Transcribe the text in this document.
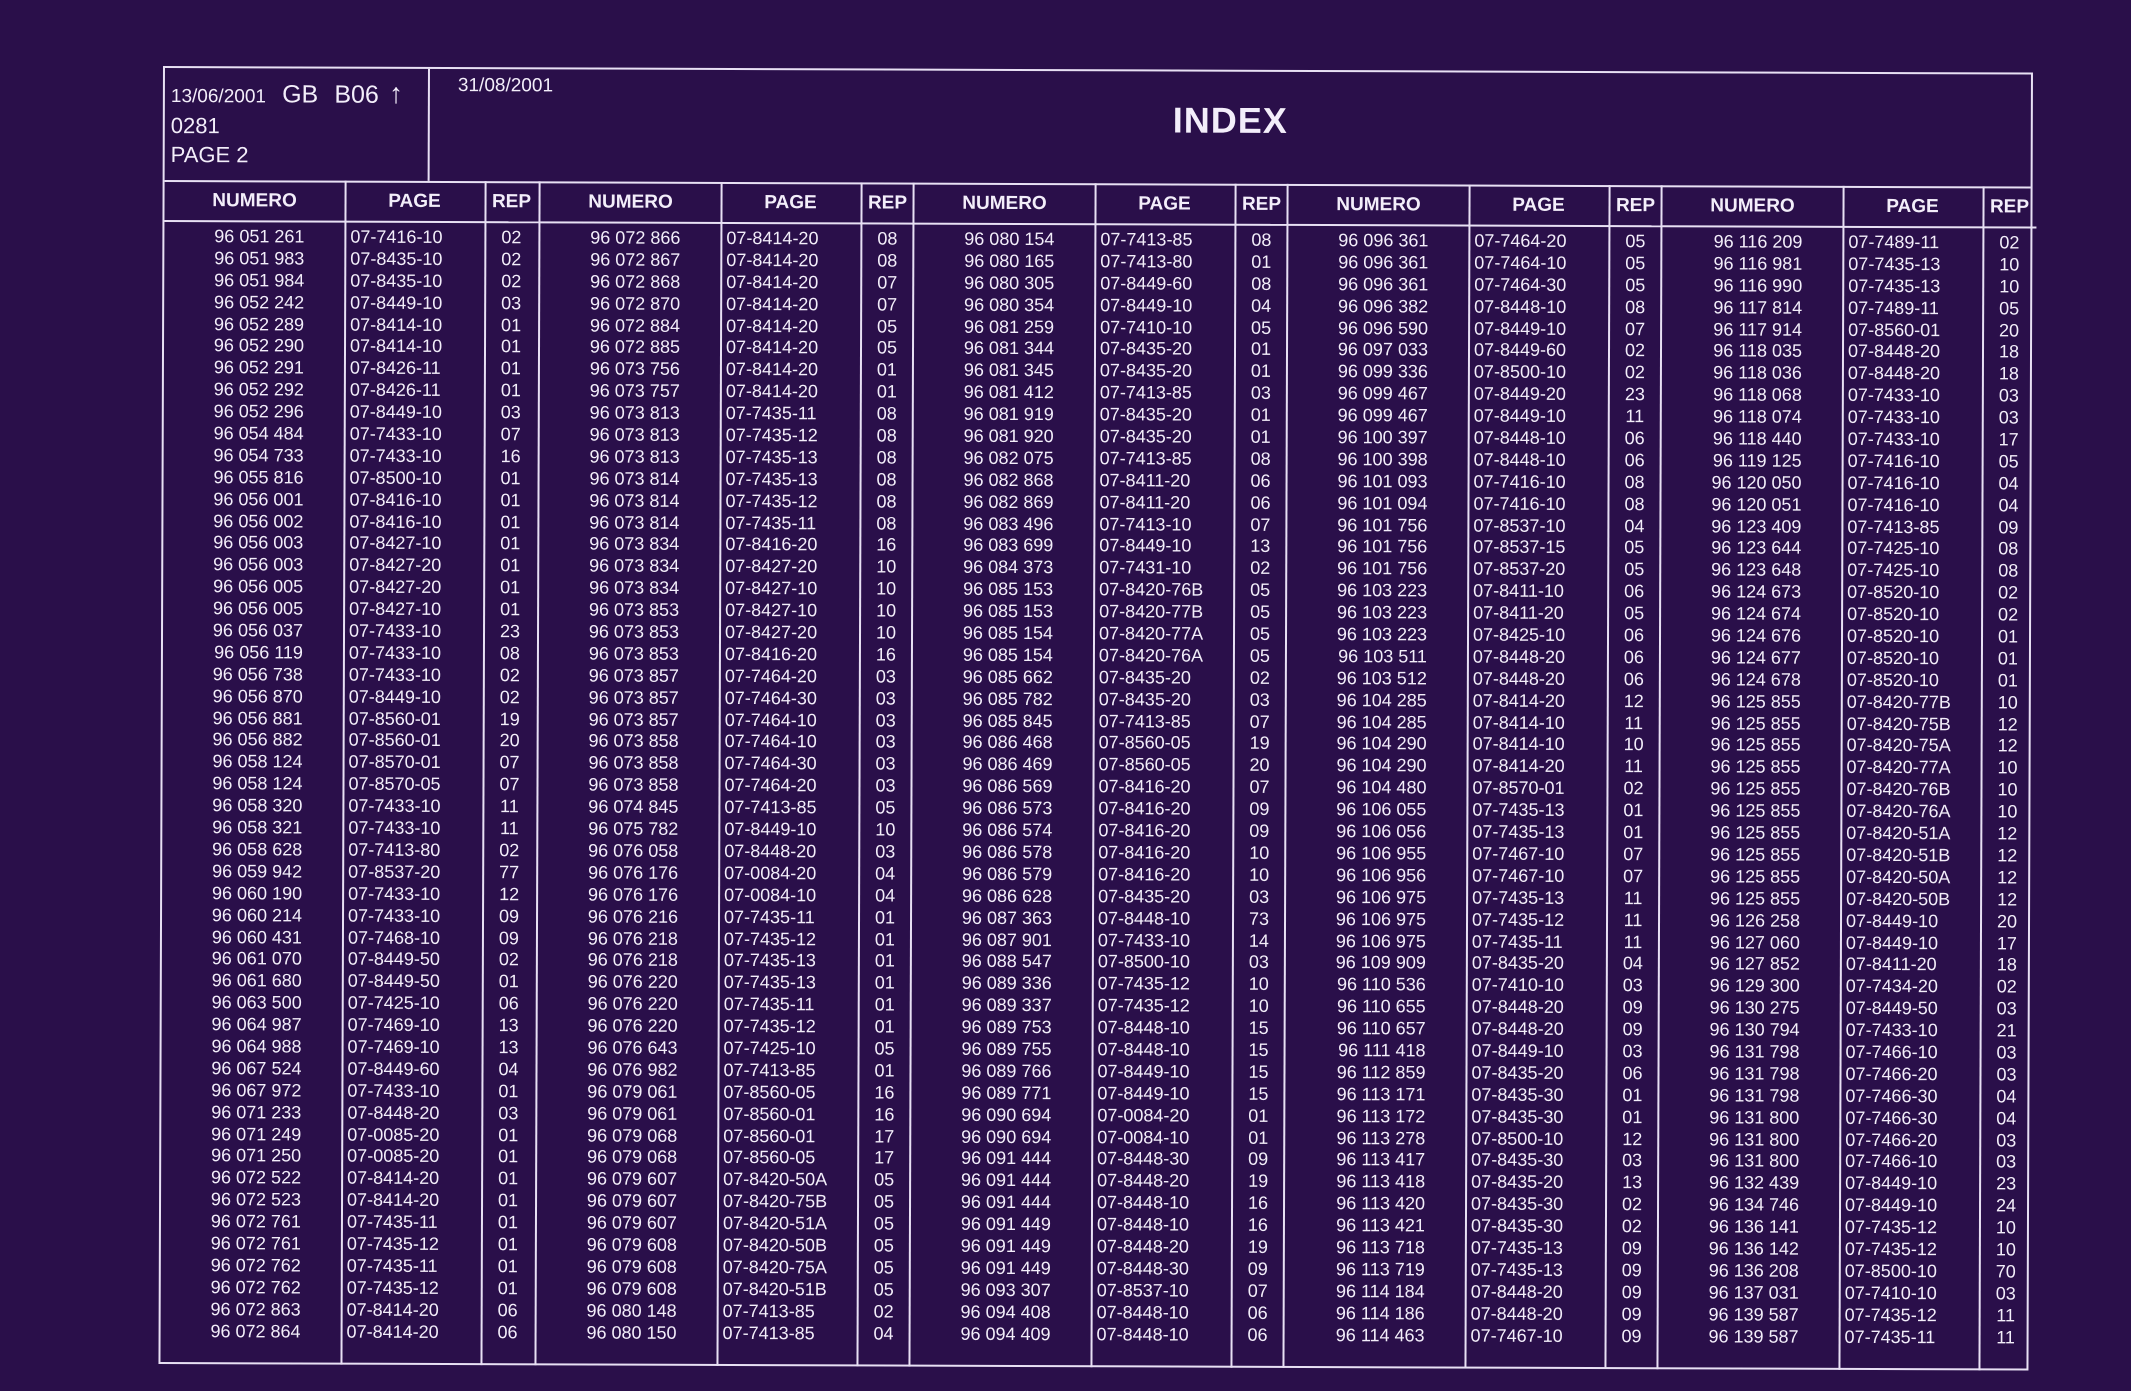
13/06/2001 GB B06 ↑
0281
PAGE 2
31/08/2001
INDEX
NUMERO	PAGE	REP
96 051 261	07-7416-10	02
96 051 983	07-8435-10	02
96 051 984	07-8435-10	02
96 052 242	07-8449-10	03
96 052 289	07-8414-10	01
96 052 290	07-8414-10	01
96 052 291	07-8426-11	01
96 052 292	07-8426-11	01
96 052 296	07-8449-10	03
96 054 484	07-7433-10	07
96 054 733	07-7433-10	16
96 055 816	07-8500-10	01
96 056 001	07-8416-10	01
96 056 002	07-8416-10	01
96 056 003	07-8427-10	01
96 056 003	07-8427-20	01
96 056 005	07-8427-20	01
96 056 005	07-8427-10	01
96 056 037	07-7433-10	23
96 056 119	07-7433-10	08
96 056 738	07-7433-10	02
96 056 870	07-8449-10	02
96 056 881	07-8560-01	19
96 056 882	07-8560-01	20
96 058 124	07-8570-01	07
96 058 124	07-8570-05	07
96 058 320	07-7433-10	11
96 058 321	07-7433-10	11
96 058 628	07-7413-80	02
96 059 942	07-8537-20	77
96 060 190	07-7433-10	12
96 060 214	07-7433-10	09
96 060 431	07-7468-10	09
96 061 070	07-8449-50	02
96 061 680	07-8449-50	01
96 063 500	07-7425-10	06
96 064 987	07-7469-10	13
96 064 988	07-7469-10	13
96 067 524	07-8449-60	04
96 067 972	07-7433-10	01
96 071 233	07-8448-20	03
96 071 249	07-0085-20	01
96 071 250	07-0085-20	01
96 072 522	07-8414-20	01
96 072 523	07-8414-20	01
96 072 761	07-7435-11	01
96 072 761	07-7435-12	01
96 072 762	07-7435-11	01
96 072 762	07-7435-12	01
96 072 863	07-8414-20	06
96 072 864	07-8414-20	06
NUMERO	PAGE	REP
96 072 866	07-8414-20	08
96 072 867	07-8414-20	08
96 072 868	07-8414-20	07
96 072 870	07-8414-20	07
96 072 884	07-8414-20	05
96 072 885	07-8414-20	05
96 073 756	07-8414-20	01
96 073 757	07-8414-20	01
96 073 813	07-7435-11	08
96 073 813	07-7435-12	08
96 073 813	07-7435-13	08
96 073 814	07-7435-13	08
96 073 814	07-7435-12	08
96 073 814	07-7435-11	08
96 073 834	07-8416-20	16
96 073 834	07-8427-20	10
96 073 834	07-8427-10	10
96 073 853	07-8427-10	10
96 073 853	07-8427-20	10
96 073 853	07-8416-20	16
96 073 857	07-7464-20	03
96 073 857	07-7464-30	03
96 073 857	07-7464-10	03
96 073 858	07-7464-10	03
96 073 858	07-7464-30	03
96 073 858	07-7464-20	03
96 074 845	07-7413-85	05
96 075 782	07-8449-10	10
96 076 058	07-8448-20	03
96 076 176	07-0084-20	04
96 076 176	07-0084-10	04
96 076 216	07-7435-11	01
96 076 218	07-7435-12	01
96 076 218	07-7435-13	01
96 076 220	07-7435-13	01
96 076 220	07-7435-11	01
96 076 220	07-7435-12	01
96 076 643	07-7425-10	05
96 076 982	07-7413-85	01
96 079 061	07-8560-05	16
96 079 061	07-8560-01	16
96 079 068	07-8560-01	17
96 079 068	07-8560-05	17
96 079 607	07-8420-50A	05
96 079 607	07-8420-75B	05
96 079 607	07-8420-51A	05
96 079 608	07-8420-50B	05
96 079 608	07-8420-75A	05
96 079 608	07-8420-51B	05
96 080 148	07-7413-85	02
96 080 150	07-7413-85	04
NUMERO	PAGE	REP
96 080 154	07-7413-85	08
96 080 165	07-7413-80	01
96 080 305	07-8449-60	08
96 080 354	07-8449-10	04
96 081 259	07-7410-10	05
96 081 344	07-8435-20	01
96 081 345	07-8435-20	01
96 081 412	07-7413-85	03
96 081 919	07-8435-20	01
96 081 920	07-8435-20	01
96 082 075	07-7413-85	08
96 082 868	07-8411-20	06
96 082 869	07-8411-20	06
96 083 496	07-7413-10	07
96 083 699	07-8449-10	13
96 084 373	07-7431-10	02
96 085 153	07-8420-76B	05
96 085 153	07-8420-77B	05
96 085 154	07-8420-77A	05
96 085 154	07-8420-76A	05
96 085 662	07-8435-20	02
96 085 782	07-8435-20	03
96 085 845	07-7413-85	07
96 086 468	07-8560-05	19
96 086 469	07-8560-05	20
96 086 569	07-8416-20	07
96 086 573	07-8416-20	09
96 086 574	07-8416-20	09
96 086 578	07-8416-20	10
96 086 579	07-8416-20	10
96 086 628	07-8435-20	03
96 087 363	07-8448-10	73
96 087 901	07-7433-10	14
96 088 547	07-8500-10	03
96 089 336	07-7435-12	10
96 089 337	07-7435-12	10
96 089 753	07-8448-10	15
96 089 755	07-8448-10	15
96 089 766	07-8449-10	15
96 089 771	07-8449-10	15
96 090 694	07-0084-20	01
96 090 694	07-0084-10	01
96 091 444	07-8448-30	09
96 091 444	07-8448-20	19
96 091 444	07-8448-10	16
96 091 449	07-8448-10	16
96 091 449	07-8448-20	19
96 091 449	07-8448-30	09
96 093 307	07-8537-10	07
96 094 408	07-8448-10	06
96 094 409	07-8448-10	06
NUMERO	PAGE	REP
96 096 361	07-7464-20	05
96 096 361	07-7464-10	05
96 096 361	07-7464-30	05
96 096 382	07-8448-10	08
96 096 590	07-8449-10	07
96 097 033	07-8449-60	02
96 099 336	07-8500-10	02
96 099 467	07-8449-20	23
96 099 467	07-8449-10	11
96 100 397	07-8448-10	06
96 100 398	07-8448-10	06
96 101 093	07-7416-10	08
96 101 094	07-7416-10	08
96 101 756	07-8537-10	04
96 101 756	07-8537-15	05
96 101 756	07-8537-20	05
96 103 223	07-8411-10	06
96 103 223	07-8411-20	05
96 103 223	07-8425-10	06
96 103 511	07-8448-20	06
96 103 512	07-8448-20	06
96 104 285	07-8414-20	12
96 104 285	07-8414-10	11
96 104 290	07-8414-10	10
96 104 290	07-8414-20	11
96 104 480	07-8570-01	02
96 106 055	07-7435-13	01
96 106 056	07-7435-13	01
96 106 955	07-7467-10	07
96 106 956	07-7467-10	07
96 106 975	07-7435-13	11
96 106 975	07-7435-12	11
96 106 975	07-7435-11	11
96 109 909	07-8435-20	04
96 110 536	07-7410-10	03
96 110 655	07-8448-20	09
96 110 657	07-8448-20	09
96 111 418	07-8449-10	03
96 112 859	07-8435-20	06
96 113 171	07-8435-30	01
96 113 172	07-8435-30	01
96 113 278	07-8500-10	12
96 113 417	07-8435-30	03
96 113 418	07-8435-20	13
96 113 420	07-8435-30	02
96 113 421	07-8435-30	02
96 113 718	07-7435-13	09
96 113 719	07-7435-13	09
96 114 184	07-8448-20	09
96 114 186	07-8448-20	09
96 114 463	07-7467-10	09
NUMERO	PAGE	REP
96 116 209	07-7489-11	02
96 116 981	07-7435-13	10
96 116 990	07-7435-13	10
96 117 814	07-7489-11	05
96 117 914	07-8560-01	20
96 118 035	07-8448-20	18
96 118 036	07-8448-20	18
96 118 068	07-7433-10	03
96 118 074	07-7433-10	03
96 118 440	07-7433-10	17
96 119 125	07-7416-10	05
96 120 050	07-7416-10	04
96 120 051	07-7416-10	04
96 123 409	07-7413-85	09
96 123 644	07-7425-10	08
96 123 648	07-7425-10	08
96 124 673	07-8520-10	02
96 124 674	07-8520-10	02
96 124 676	07-8520-10	01
96 124 677	07-8520-10	01
96 124 678	07-8520-10	01
96 125 855	07-8420-77B	10
96 125 855	07-8420-75B	12
96 125 855	07-8420-75A	12
96 125 855	07-8420-77A	10
96 125 855	07-8420-76B	10
96 125 855	07-8420-76A	10
96 125 855	07-8420-51A	12
96 125 855	07-8420-51B	12
96 125 855	07-8420-50A	12
96 125 855	07-8420-50B	12
96 126 258	07-8449-10	20
96 127 060	07-8449-10	17
96 127 852	07-8411-20	18
96 129 300	07-7434-20	02
96 130 275	07-8449-50	03
96 130 794	07-7433-10	21
96 131 798	07-7466-10	03
96 131 798	07-7466-20	03
96 131 798	07-7466-30	04
96 131 800	07-7466-30	04
96 131 800	07-7466-20	03
96 131 800	07-7466-10	03
96 132 439	07-8449-10	23
96 134 746	07-8449-10	24
96 136 141	07-7435-12	10
96 136 142	07-7435-12	10
96 136 208	07-8500-10	70
96 137 031	07-7410-10	03
96 139 587	07-7435-12	11
96 139 587	07-7435-11	11
